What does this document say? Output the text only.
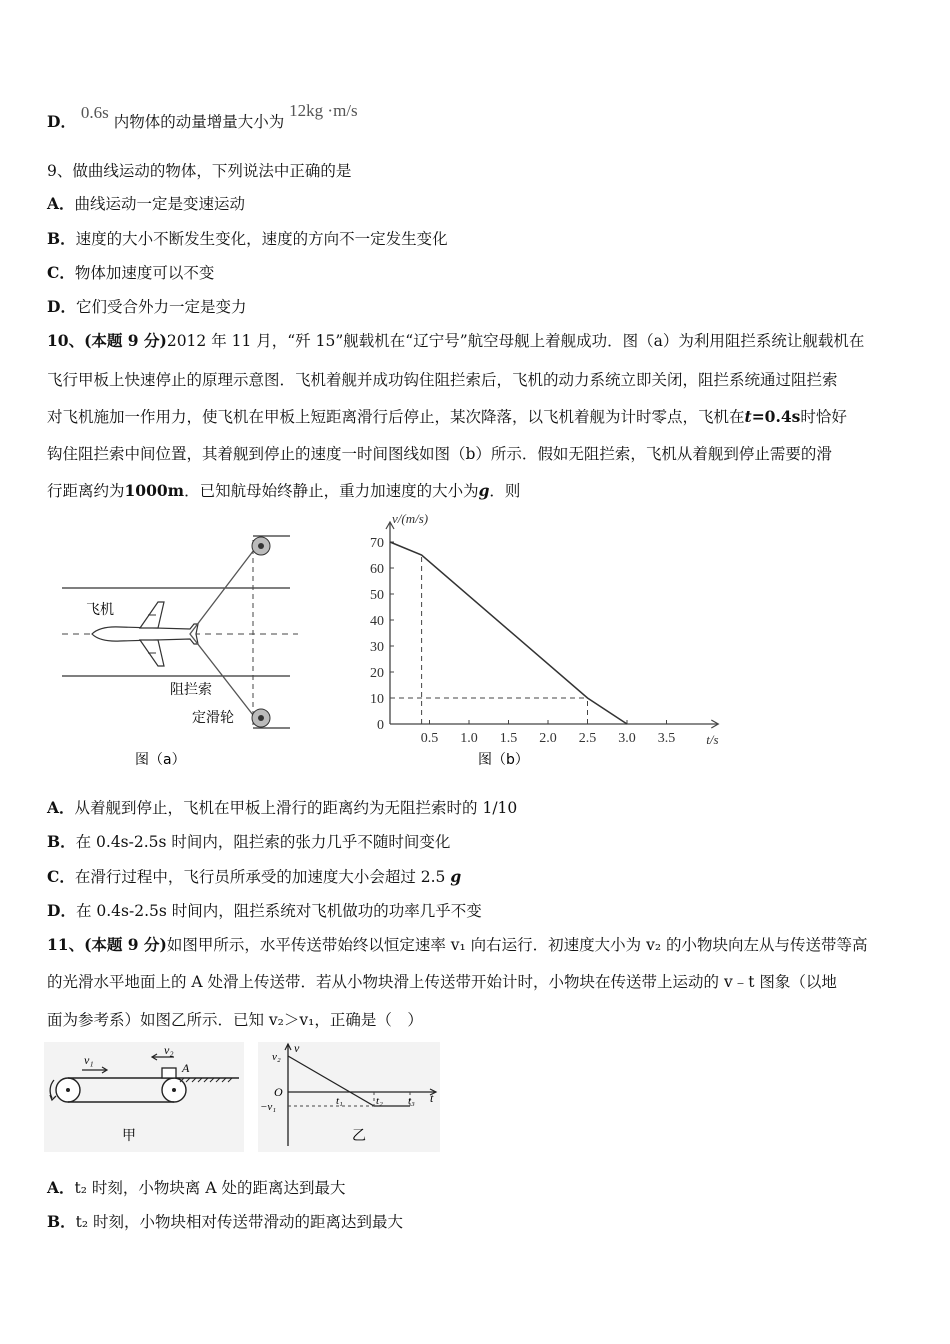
D． 0.6s 内物体的动量增量大小为 12kg ·m/s
9、做曲线运动的物体，下列说法中正确的是
A．曲线运动一定是变速运动
B．速度的大小不断发生变化，速度的方向不一定发生变化
C．物体加速度可以不变
D．它们受合外力一定是变力
10、(本题 9 分)2012 年 11 月，“歼 15”舰载机在“辽宁号”航空母舰上着舰成功．图（a）为利用阻拦系统让舰载机在
飞行甲板上快速停止的原理示意图．飞机着舰并成功钩住阻拦索后，飞机的动力系统立即关闭，阻拦系统通过阻拦索
对飞机施加一作用力，使飞机在甲板上短距离滑行后停止，某次降落，以飞机着舰为计时零点，飞机在t=0.4s时恰好
钩住阻拦索中间位置，其着舰到停止的速度一时间图线如图（b）所示．假如无阻拦索，飞机从着舰到停止需要的滑
行距离约为1000m．已知航母始终静止，重力加速度的大小为g．则
飞机
阻拦索
定滑轮
图（a）
v/(m/s)
t/s
0
10
20
30
40
50
60
70
0.5 1.0 1.5 2.0 2.5 3.0 3.5
图（b）
A．从着舰到停止，飞机在甲板上滑行的距离约为无阻拦索时的 1/10
B．在 0.4s-2.5s 时间内，阻拦索的张力几乎不随时间变化
C．在滑行过程中，飞行员所承受的加速度大小会超过 2.5 g
D．在 0.4s-2.5s 时间内，阻拦系统对飞机做功的功率几乎不变
11、(本题 9 分)如图甲所示，水平传送带始终以恒定速率 v₁ 向右运行．初速度大小为 v₂ 的小物块向左从与传送带等高
的光滑水平地面上的 A 处滑上传送带．若从小物块滑上传送带开始计时，小物块在传送带上运动的 v﹣t 图象（以地
面为参考系）如图乙所示．已知 v₂＞v₁，正确是（　）
v₁
v₂
A
甲
v
v₂
O
−v₁	t₁	t₂ t₃ t
乙
A．t₂ 时刻，小物块离 A 处的距离达到最大
B．t₂ 时刻，小物块相对传送带滑动的距离达到最大
